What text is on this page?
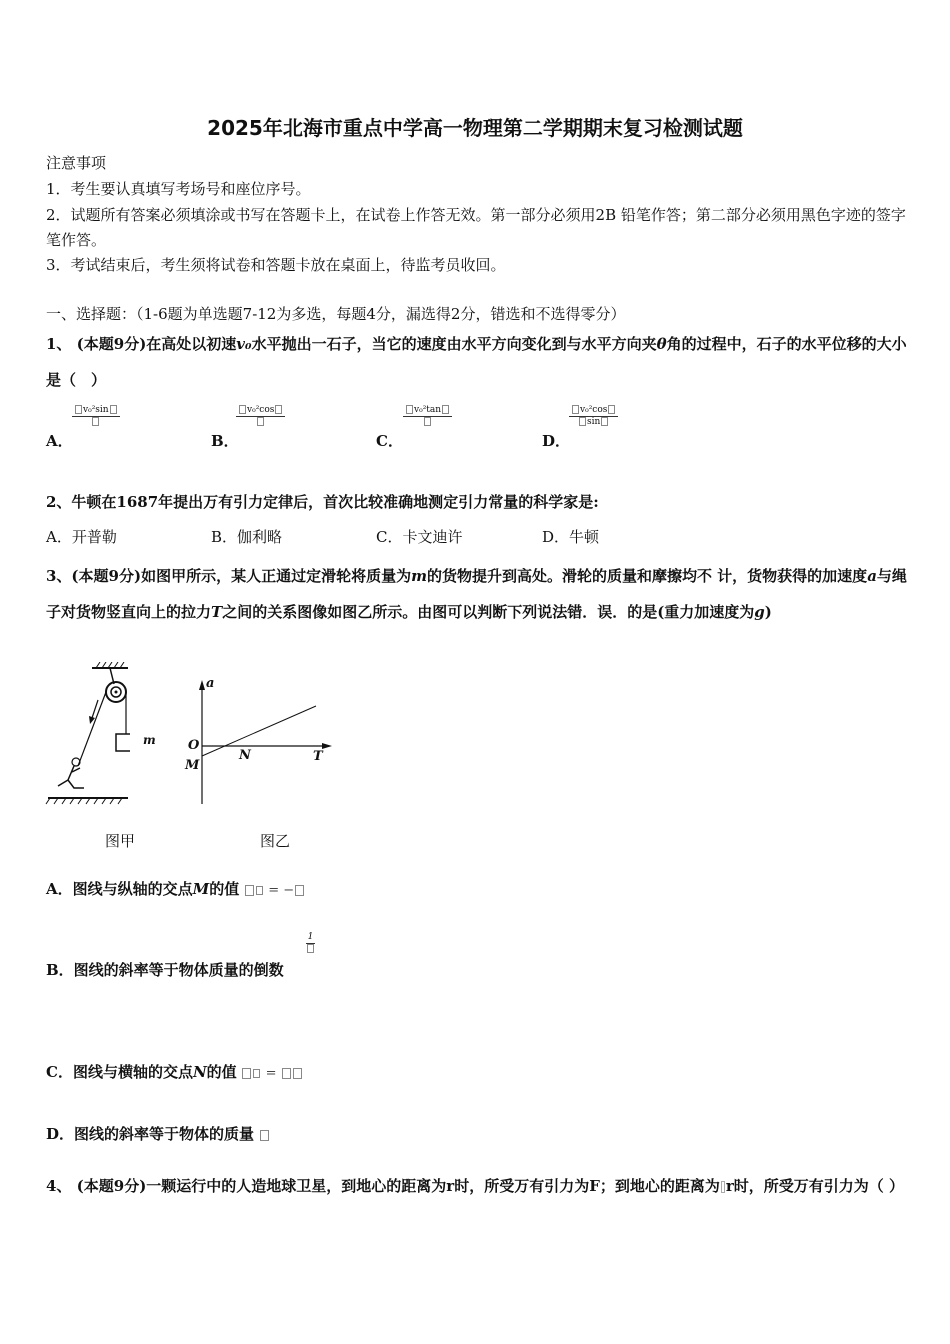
2025年北海市重点中学高一物理第二学期期末复习检测试题
注意事项
1．考生要认真填写考场号和座位序号。
2．试题所有答案必须填涂或书写在答题卡上，在试卷上作答无效。第一部分必须用2B 铅笔作答；第二部分必须用黑色字迹的签字笔作答。
3．考试结束后，考生须将试卷和答题卡放在桌面上，待监考员收回。
一、选择题：（1-6题为单选题7-12为多选，每题4分，漏选得2分，错选和不选得零分）
1、 (本题9分)在高处以初速v₀水平抛出一石子，当它的速度由水平方向变化到与水平方向夹θ角的过程中，石子的水平位移的大小是（　）
A．
v₀²sin
B．
v₀²cos
C．
v₀²tan
D．
$\frac{\text{v₀²cos}}{\sin}$
2、牛顿在1687年提出万有引力定律后，首次比较准确地测定引力常量的科学家是:
A．开普勒	B．伽利略	C．卡文迪许	D．牛顿
3、(本题9分)如图甲所示，某人正通过定滑轮将质量为m的货物提升到高处。滑轮的质量和摩擦均不 计，货物获得的加速度a与绳子对货物竖直向上的拉力T之间的关系图像如图乙所示。由图可以判断下列说法错．误．的是(重力加速度为g)
m
a
O
M
N	T
图甲	图乙
A．图线与纵轴的交点M的值 = −
1
B．图线的斜率等于物体质量的倒数
C．图线与横轴的交点N的值 =
D．图线的斜率等于物体的质量
4、 (本题9分)一颗运行中的人造地球卫星，到地心的距离为r时，所受万有引力为F；到地心的距离为 r时，所受万有引力为（ ）
